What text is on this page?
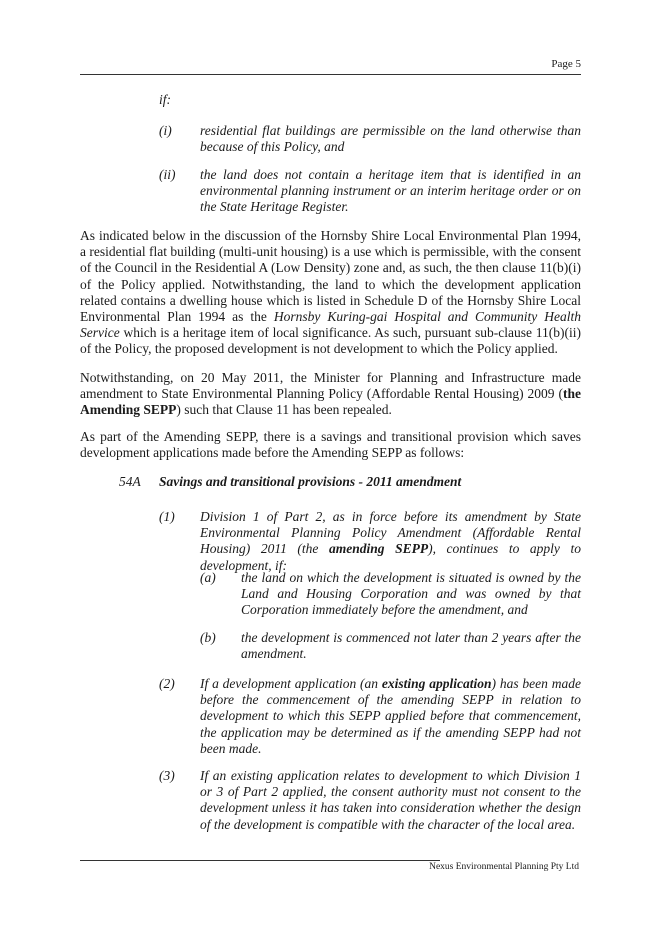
Page 5
if:
(i) residential flat buildings are permissible on the land otherwise than because of this Policy, and
(ii) the land does not contain a heritage item that is identified in an environmental planning instrument or an interim heritage order or on the State Heritage Register.
As indicated below in the discussion of the Hornsby Shire Local Environmental Plan 1994, a residential flat building (multi-unit housing) is a use which is permissible, with the consent of the Council in the Residential A (Low Density) zone and, as such, the then clause 11(b)(i) of the Policy applied. Notwithstanding, the land to which the development application related contains a dwelling house which is listed in Schedule D of the Hornsby Shire Local Environmental Plan 1994 as the Hornsby Kuring-gai Hospital and Community Health Service which is a heritage item of local significance. As such, pursuant sub-clause 11(b)(ii) of the Policy, the proposed development is not development to which the Policy applied.
Notwithstanding, on 20 May 2011, the Minister for Planning and Infrastructure made amendment to State Environmental Planning Policy (Affordable Rental Housing) 2009 (the Amending SEPP) such that Clause 11 has been repealed.
As part of the Amending SEPP, there is a savings and transitional provision which saves development applications made before the Amending SEPP as follows:
54A Savings and transitional provisions - 2011 amendment
(1) Division 1 of Part 2, as in force before its amendment by State Environmental Planning Policy Amendment (Affordable Rental Housing) 2011 (the amending SEPP), continues to apply to development, if:
(a) the land on which the development is situated is owned by the Land and Housing Corporation and was owned by that Corporation immediately before the amendment, and
(b) the development is commenced not later than 2 years after the amendment.
(2) If a development application (an existing application) has been made before the commencement of the amending SEPP in relation to development to which this SEPP applied before that commencement, the application may be determined as if the amending SEPP had not been made.
(3) If an existing application relates to development to which Division 1 or 3 of Part 2 applied, the consent authority must not consent to the development unless it has taken into consideration whether the design of the development is compatible with the character of the local area.
Nexus Environmental Planning Pty Ltd
